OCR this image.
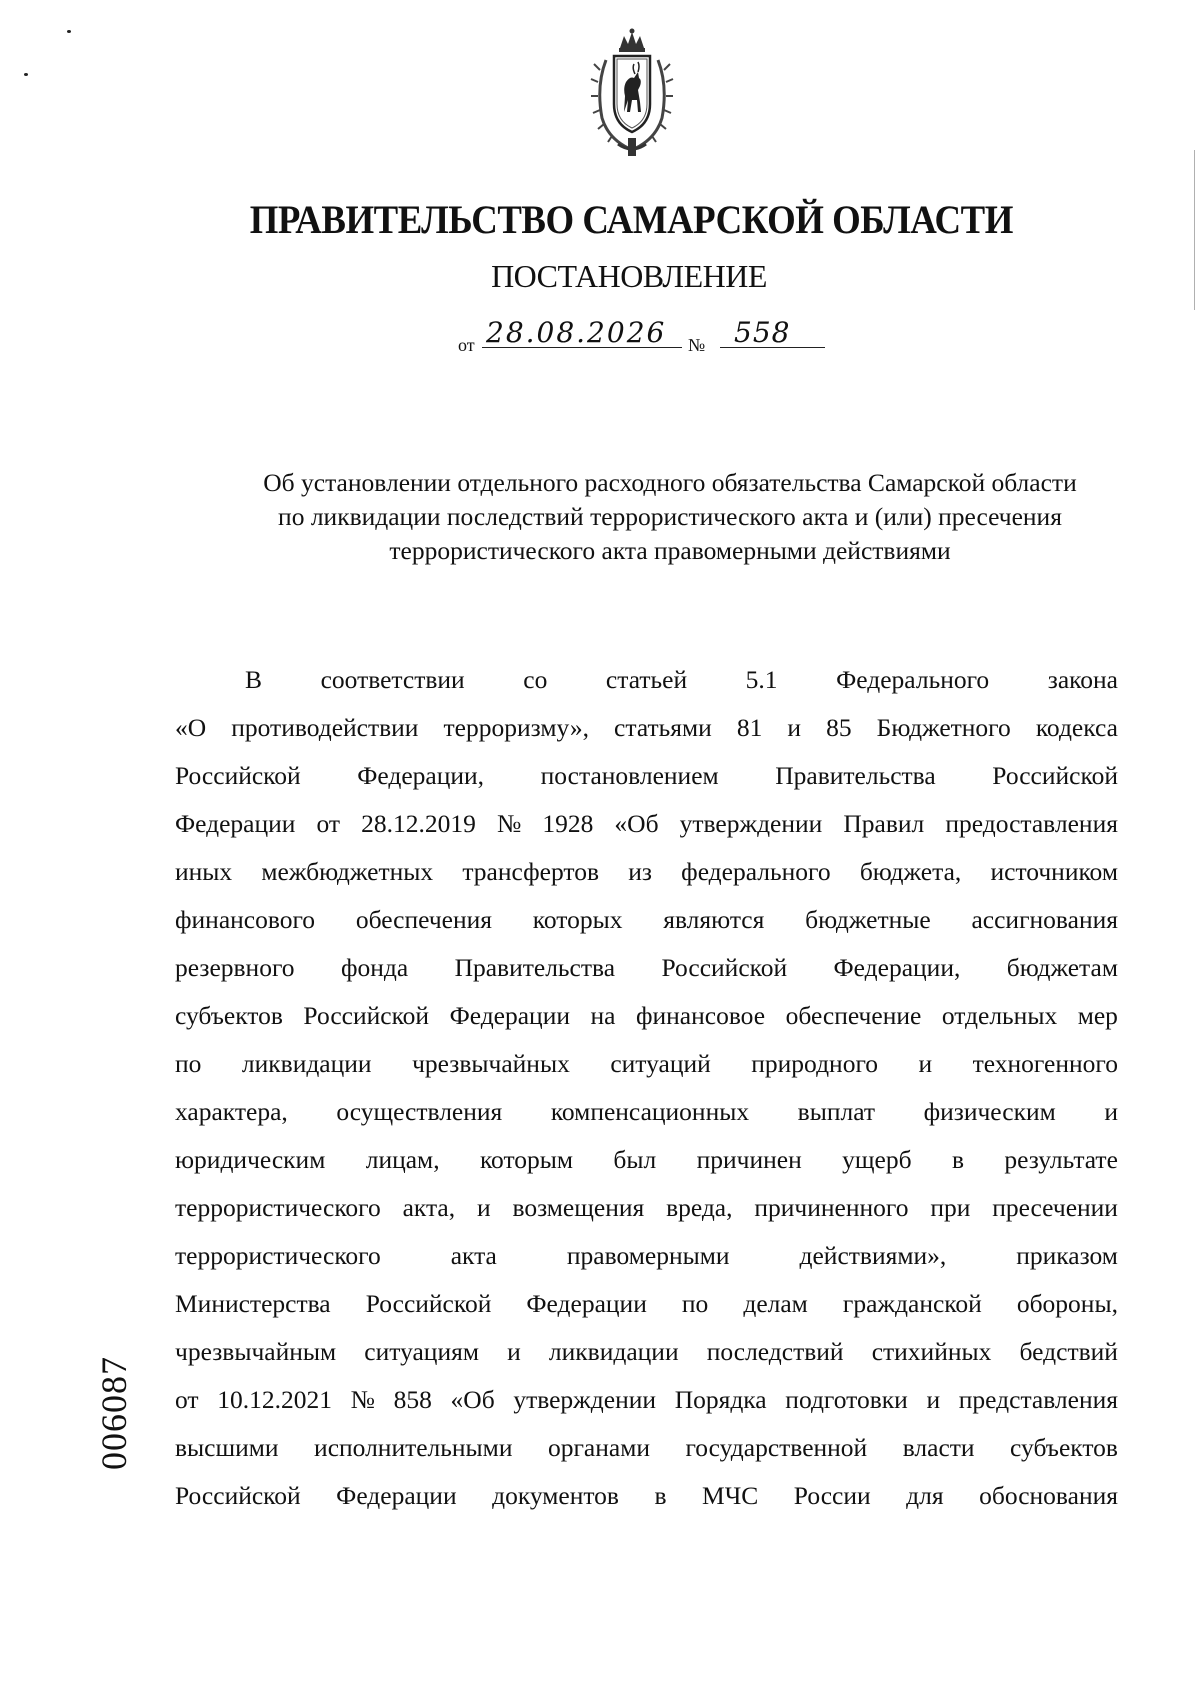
ПРАВИТЕЛЬСТВО САМАРСКОЙ ОБЛАСТИ
ПОСТАНОВЛЕНИЕ
от 28.08.2026	№	558
Об установлении отдельного расходного обязательства Самарской области
по ликвидации последствий террористического акта и (или) пресечения
террористического акта правомерными действиями
В соответствии со статьей 5.1 Федерального закона
«О противодействии терроризму», статьями 81 и 85 Бюджетного кодекса
Российской Федерации, постановлением Правительства Российской
Федерации от 28.12.2019 № 1928 «Об утверждении Правил предоставления
иных межбюджетных трансфертов из федерального бюджета, источником
финансового обеспечения которых являются бюджетные ассигнования
резервного фонда Правительства Российской Федерации, бюджетам
субъектов Российской Федерации на финансовое обеспечение отдельных мер
по ликвидации чрезвычайных ситуаций природного и техногенного
характера, осуществления компенсационных выплат физическим и
юридическим лицам, которым был причинен ущерб в результате
террористического акта, и возмещения вреда, причиненного при пресечении
террористического	акта	правомерными	действиями»,	приказом
Министерства Российской Федерации по делам гражданской обороны,
чрезвычайным ситуациям и ликвидации последствий стихийных бедствий
от 10.12.2021 № 858 «Об утверждении Порядка подготовки и представления
высшими исполнительными органами государственной власти субъектов
Российской Федерации документов в МЧС России для обоснования
006087
